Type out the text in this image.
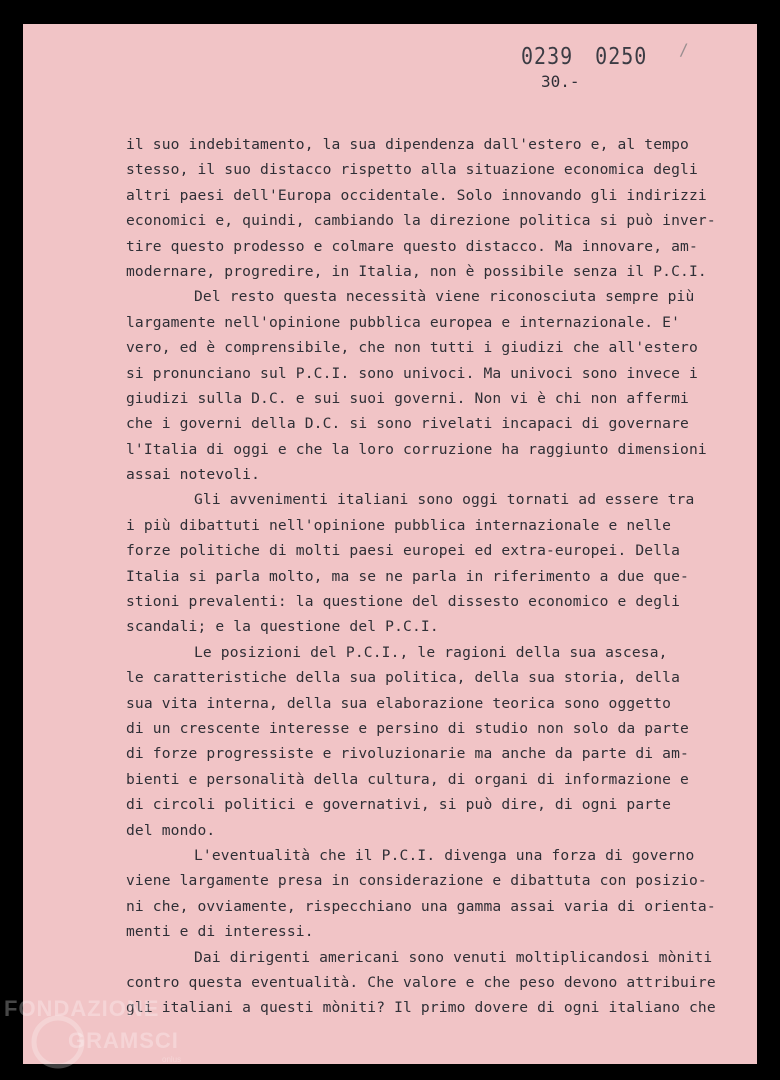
0239 0250 /
30.-
il suo indebitamento, la sua dipendenza dall'estero e, al tempo
stesso, il suo distacco rispetto alla situazione economica degli
altri paesi dell'Europa occidentale. Solo innovando gli indirizzi
economici e, quindi, cambiando la direzione politica si può inver-
tire questo prodesso e colmare questo distacco. Ma innovare, am-
modernare, progredire, in Italia, non è possibile senza il P.C.I.
Del resto questa necessità viene riconosciuta sempre più
largamente nell'opinione pubblica europea e internazionale. E'
vero, ed è comprensibile, che non tutti i giudizi che all'estero
si pronunciano sul P.C.I. sono univoci. Ma univoci sono invece i
giudizi sulla D.C. e sui suoi governi. Non vi è chi non affermi
che i governi della D.C. si sono rivelati incapaci di governare
l'Italia di oggi e che la loro corruzione ha raggiunto dimensioni
assai notevoli.
Gli avvenimenti italiani sono oggi tornati ad essere tra
i più dibattuti nell'opinione pubblica internazionale e nelle
forze politiche di molti paesi europei ed extra-europei. Della
Italia si parla molto, ma se ne parla in riferimento a due que-
stioni prevalenti: la questione del dissesto economico e degli
scandali; e la questione del P.C.I.
Le posizioni del P.C.I., le ragioni della sua ascesa,
le caratteristiche della sua politica, della sua storia, della
sua vita interna, della sua elaborazione teorica sono oggetto
di un crescente interesse e persino di studio non solo da parte
di forze progressiste e rivoluzionarie ma anche da parte di am-
bienti e personalità della cultura, di organi di informazione e
di circoli politici e governativi, si può dire, di ogni parte
del mondo.
L'eventualità che il P.C.I. divenga una forza di governo
viene largamente presa in considerazione e dibattuta con posizio-
ni che, ovviamente, rispecchiano una gamma assai varia di orienta-
menti e di interessi.
Dai dirigenti americani sono venuti moltiplicandosi mòniti
contro questa eventualità. Che valore e che peso devono attribuire
gli italiani a questi mòniti? Il primo dovere di ogni italiano che
FONDAZIONE
GRAMSCI
onlus
